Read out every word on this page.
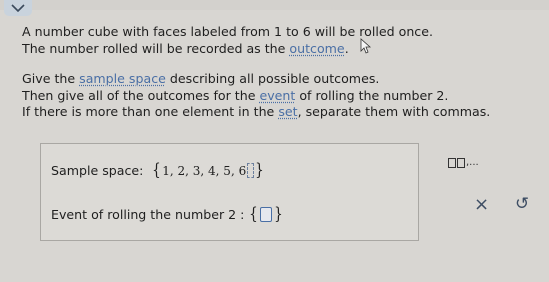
A number cube with faces labeled from 1 to 6 will be rolled once.

The number rolled will be recorded as the outcome.

Give the sample space describing all possible outcomes.

Then give all of the outcomes for the event of rolling the number 2.

If there is more than one element in the set, separate them with commas.

Sample space: { 1, 2, 3, 4, 5, 6 }
Event of rolling the number 2 : { }
,...
× ↺
